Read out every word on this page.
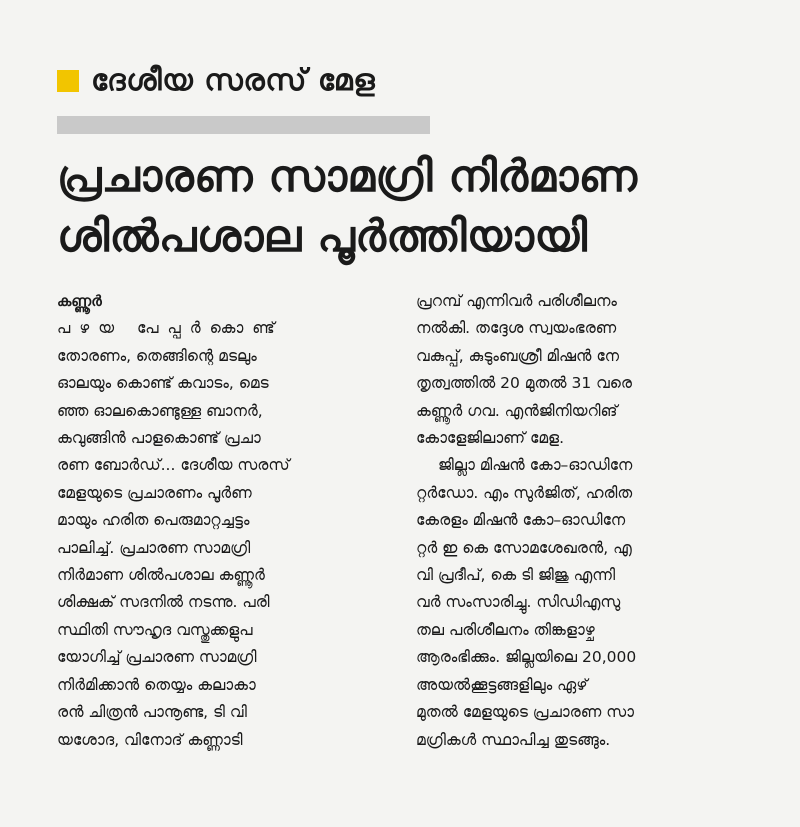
ദേശീയ സരസ് മേള
പ്രചാരണ സാമഗ്രി നിർമാണ
ശിൽപശാല പൂർത്തിയായി
കണ്ണൂർ
പഴയ പേപ്പർകൊണ്ട്
തോരണം, തെങ്ങിന്റെ മടലും
ഓലയും കൊണ്ട് കവാടം, മെട
ഞ്ഞ ഓലകൊണ്ടുള്ള ബാനർ,
കവുങ്ങിൻ പാളകൊണ്ട് പ്രചാ
രണ ബോർഡ്... ദേശീയ സരസ്
മേളയുടെ പ്രചാരണം പൂർണ
മായും ഹരിത പെരുമാറ്റച്ചട്ടം
പാലിച്ച്. പ്രചാരണ സാമഗ്രി
നിർമാണ ശിൽപശാല കണ്ണൂർ
ശിക്ഷക് സദനിൽ നടന്നു. പരി
സ്ഥിതി സൗഹൃദ വസ്തുക്കളുപ
യോഗിച്ച് പ്രചാരണ സാമഗ്രി
നിർമിക്കാൻ തെയ്യം കലാകാ
രൻ ചിത്രൻ പാനൂണ്ട, ടി വി
യശോദ, വിനോദ് കണ്ണാടി
പ്രറമ്പ് എന്നിവർ പരിശീലനം
നൽകി. തദ്ദേശ സ്വയംഭരണ
വകുപ്പ്, കുടുംബശ്രീ മിഷൻ നേ
തൃത്വത്തിൽ 20 മുതൽ 31 വരെ
കണ്ണൂർ ഗവ. എൻജിനിയറിങ്
കോളേജിലാണ് മേള.
ജില്ലാ മിഷൻ കോ–ഓഡിനേ
റ്റർഡോ. എം സുർജിത്, ഹരിത
കേരളം മിഷൻ കോ–ഓഡിനേ
റ്റർ ഇ കെ സോമശേഖരൻ, എ
വി പ്രദീപ്, കെ ടി ജിജു എന്നി
വർ സംസാരിച്ചു. സിഡിഎസു
തല പരിശീലനം തിങ്കളാഴ്ച
ആരംഭിക്കും. ജില്ലയിലെ 20,000
അയൽക്കൂട്ടങ്ങളിലും ഏഴ്
മുതൽ മേളയുടെ പ്രചാരണ സാ
മഗ്രികൾ സ്ഥാപിച്ച തുടങ്ങും.
